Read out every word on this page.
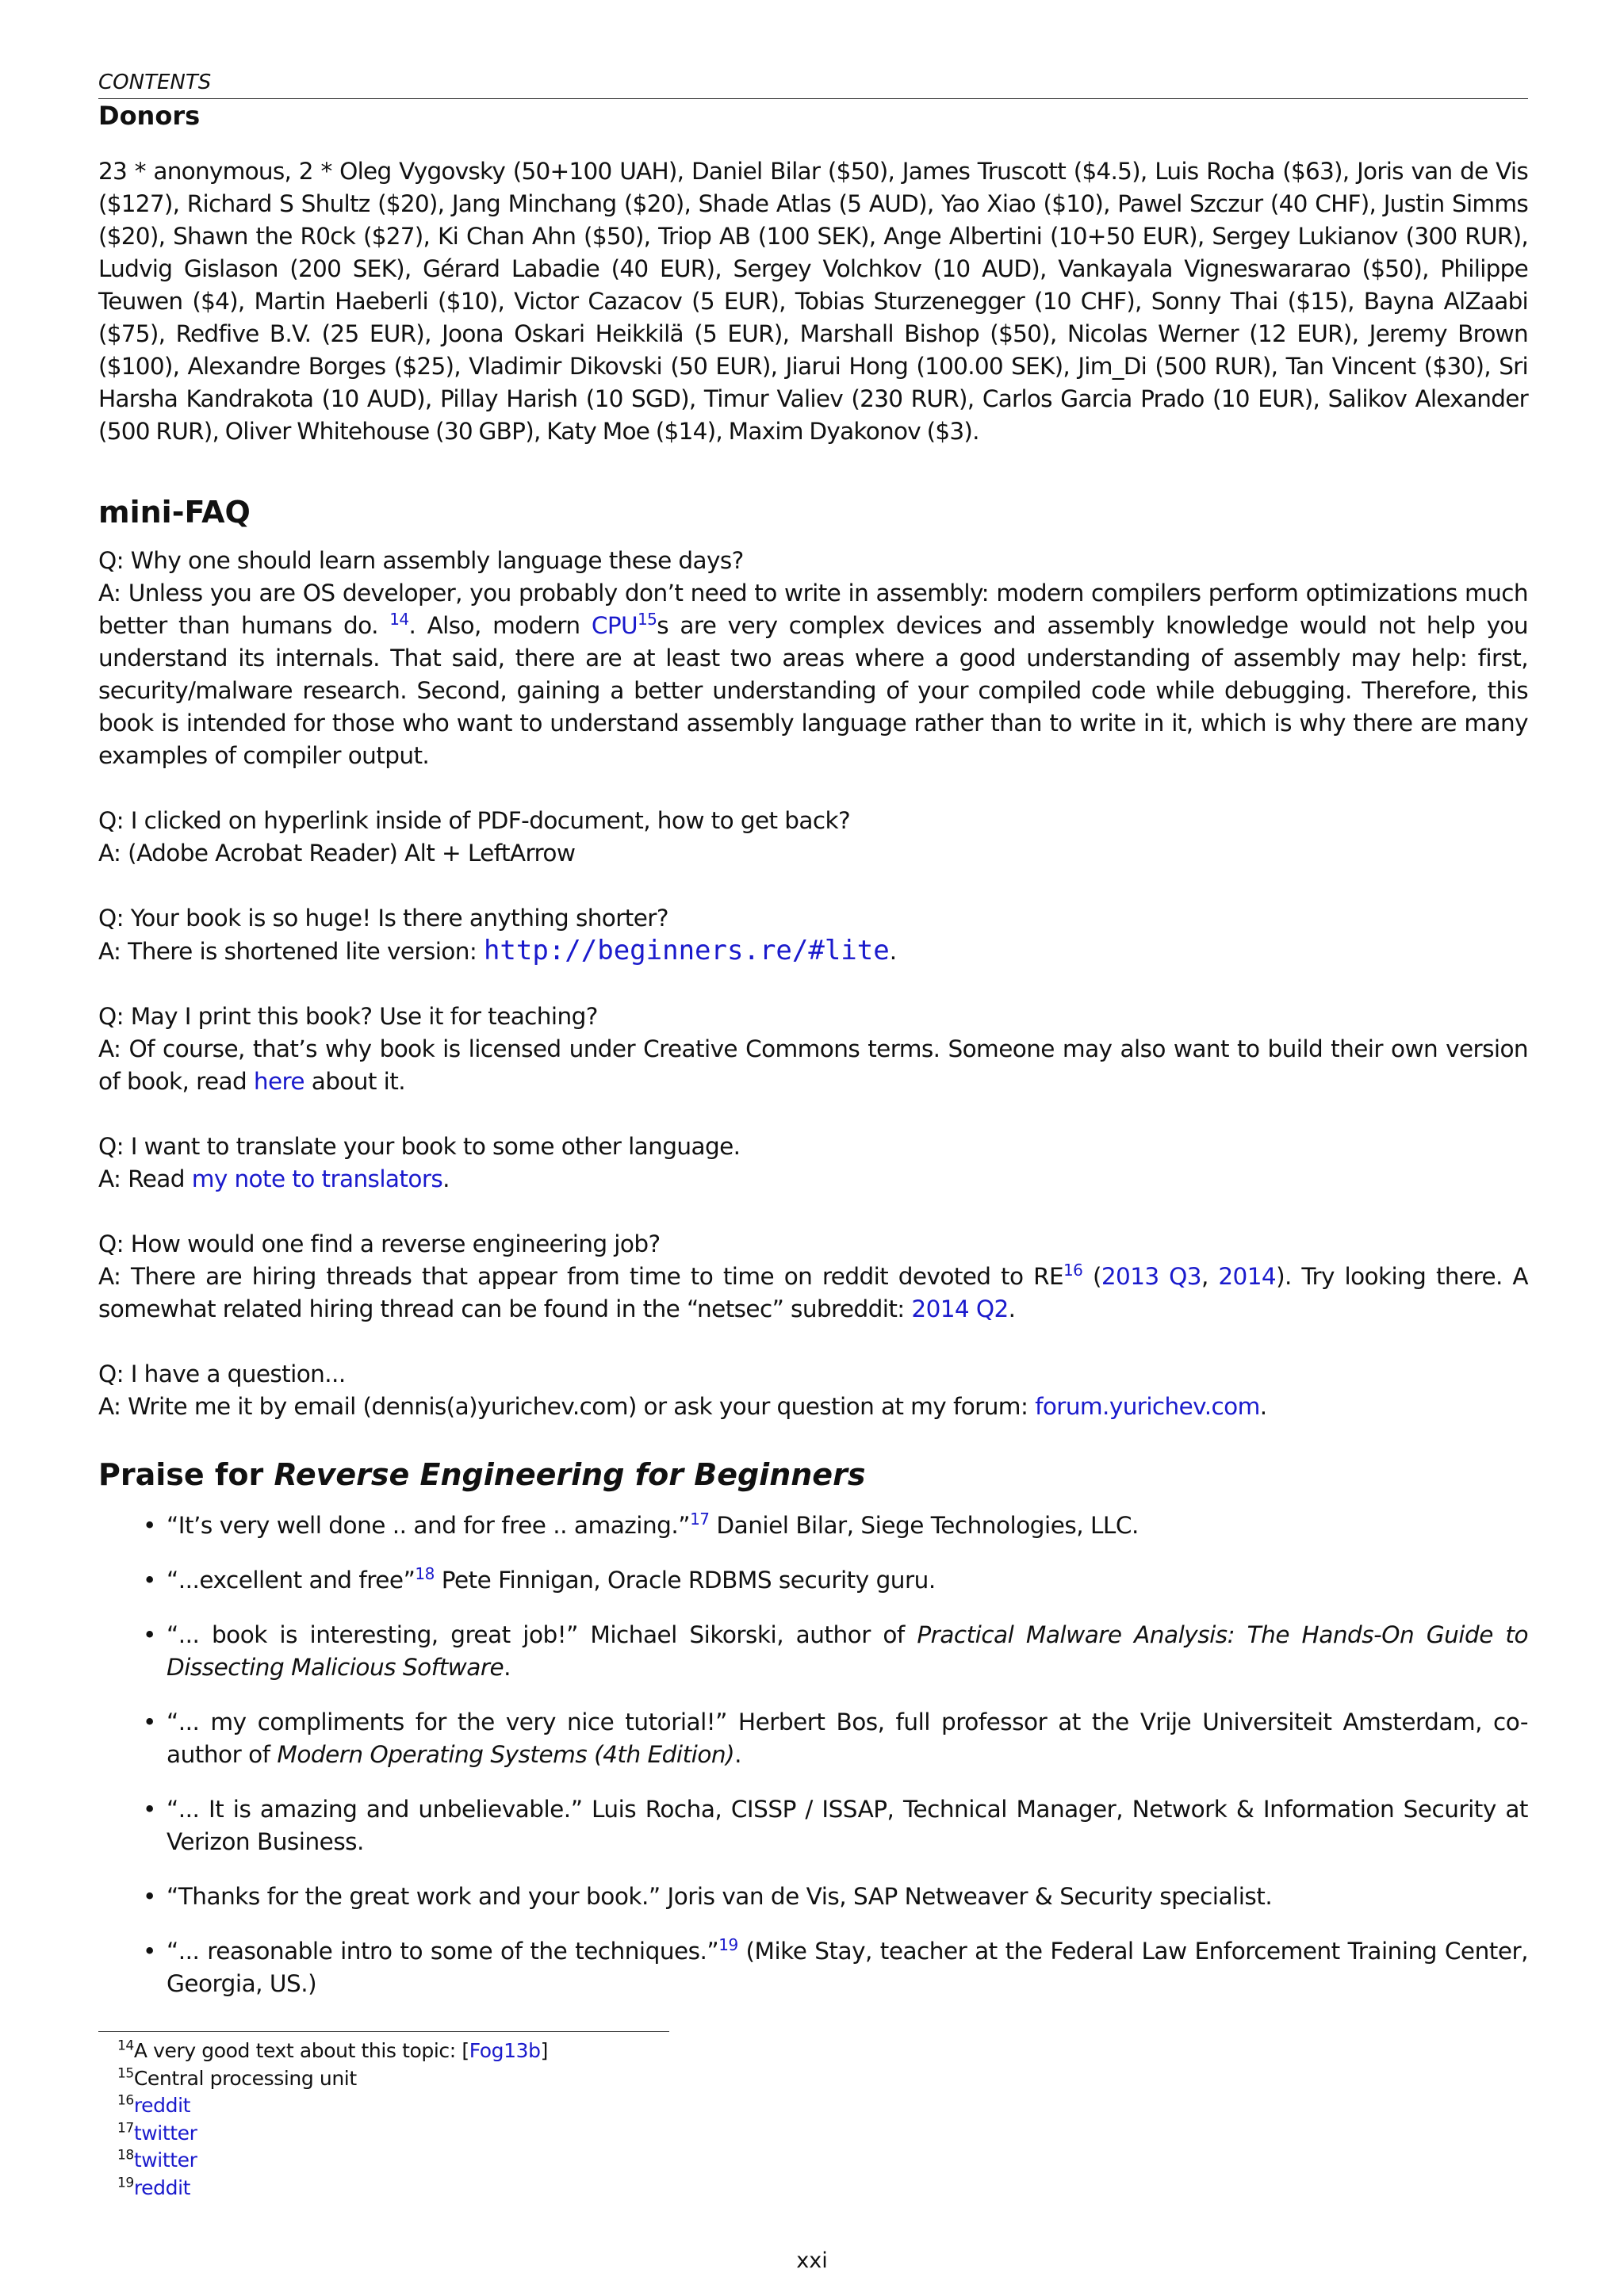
CONTENTS
Donors
23 * anonymous, 2 * Oleg Vygovsky (50+100 UAH), Daniel Bilar ($50), James Truscott ($4.5), Luis Rocha ($63), Joris van de Vis ($127), Richard S Shultz ($20), Jang Minchang ($20), Shade Atlas (5 AUD), Yao Xiao ($10), Pawel Szczur (40 CHF), Justin Simms ($20), Shawn the R0ck ($27), Ki Chan Ahn ($50), Triop AB (100 SEK), Ange Albertini (10+50 EUR), Sergey Lukianov (300 RUR), Ludvig Gislason (200 SEK), Gérard Labadie (40 EUR), Sergey Volchkov (10 AUD), Vankayala Vigneswararao ($50), Philippe Teuwen ($4), Martin Haeberli ($10), Victor Cazacov (5 EUR), Tobias Sturzenegger (10 CHF), Sonny Thai ($15), Bayna AlZaabi ($75), Redfive B.V. (25 EUR), Joona Oskari Heikkilä (5 EUR), Marshall Bishop ($50), Nicolas Werner (12 EUR), Jeremy Brown ($100), Alexandre Borges ($25), Vladimir Dikovski (50 EUR), Jiarui Hong (100.00 SEK), Jim_Di (500 RUR), Tan Vincent ($30), Sri Harsha Kandrakota (10 AUD), Pillay Harish (10 SGD), Timur Valiev (230 RUR), Carlos Garcia Prado (10 EUR), Salikov Alexander (500 RUR), Oliver Whitehouse (30 GBP), Katy Moe ($14), Maxim Dyakonov ($3).
mini-FAQ
Q: Why one should learn assembly language these days?
A: Unless you are OS developer, you probably don’t need to write in assembly: modern compilers perform optimizations much better than humans do. $^{14}$. Also, modern CPU$^{15}$s are very complex devices and assembly knowledge would not help you understand its internals. That said, there are at least two areas where a good understanding of assembly may help: first, security/malware research. Second, gaining a better understanding of your compiled code while debugging. Therefore, this book is intended for those who want to understand assembly language rather than to write in it, which is why there are many examples of compiler output.
Q: I clicked on hyperlink inside of PDF-document, how to get back?
A: (Adobe Acrobat Reader) Alt + LeftArrow
Q: Your book is so huge! Is there anything shorter?
A: There is shortened lite version: http://beginners.re/#lite.
Q: May I print this book? Use it for teaching?
A: Of course, that’s why book is licensed under Creative Commons terms. Someone may also want to build their own version of book, read here about it.
Q: I want to translate your book to some other language.
A: Read my note to translators.
Q: How would one find a reverse engineering job?
A: There are hiring threads that appear from time to time on reddit devoted to RE$^{16}$ (2013 Q3, 2014). Try looking there. A somewhat related hiring thread can be found in the “netsec” subreddit: 2014 Q2.
Q: I have a question...
A: Write me it by email (dennis(a)yurichev.com) or ask your question at my forum: forum.yurichev.com.
Praise for Reverse Engineering for Beginners
• “It’s very well done .. and for free .. amazing.”$^{17}$ Daniel Bilar, Siege Technologies, LLC.
• “...excellent and free”$^{18}$ Pete Finnigan, Oracle RDBMS security guru.
• “... book is interesting, great job!” Michael Sikorski, author of Practical Malware Analysis: The Hands-On Guide to Dissecting Malicious Software.
• “... my compliments for the very nice tutorial!” Herbert Bos, full professor at the Vrije Universiteit Amsterdam, co-author of Modern Operating Systems (4th Edition).
• “... It is amazing and unbelievable.” Luis Rocha, CISSP / ISSAP, Technical Manager, Network & Information Security at Verizon Business.
• “Thanks for the great work and your book.” Joris van de Vis, SAP Netweaver & Security specialist.
• “... reasonable intro to some of the techniques.”$^{19}$ (Mike Stay, teacher at the Federal Law Enforcement Training Center, Georgia, US.)
$^{14}$A very good text about this topic: [Fog13b]
$^{15}$Central processing unit
$^{16}$reddit
$^{17}$twitter
$^{18}$twitter
$^{19}$reddit
xxi
